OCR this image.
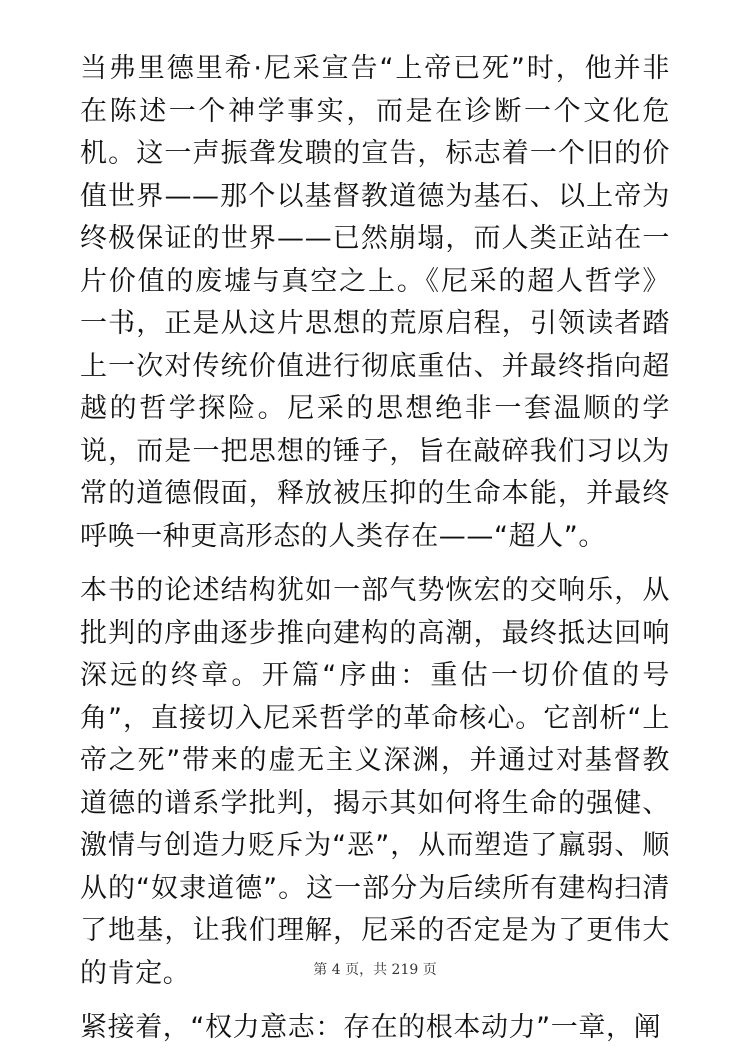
当弗里德里希·尼采宣告“上帝已死”时，他并非在陈述一个神学事实，而是在诊断一个文化危机。这一声振聋发聩的宣告，标志着一个旧的价值世界——那个以基督教道德为基石、以上帝为终极保证的世界——已然崩塌，而人类正站在一片价值的废墟与真空之上。《尼采的超人哲学》一书，正是从这片思想的荒原启程，引领读者踏上一次对传统价值进行彻底重估、并最终指向超越的哲学探险。尼采的思想绝非一套温顺的学说，而是一把思想的锤子，旨在敲碎我们习以为常的道德假面，释放被压抑的生命本能，并最终呼唤一种更高形态的人类存在——“超人”。

本书的论述结构犹如一部气势恢宏的交响乐，从批判的序曲逐步推向建构的高潮，最终抵达回响深远的终章。开篇“序曲：重估一切价值的号角”，直接切入尼采哲学的革命核心。它剖析“上帝之死”带来的虚无主义深渊，并通过对基督教道德的谱系学批判，揭示其如何将生命的强健、激情与创造力贬斥为“恶”，从而塑造了羸弱、顺从的“奴隶道德”。这一部分为后续所有建构扫清了地基，让我们理解，尼采的否定是为了更伟大的肯定。

紧接着，“权力意志：存在的根本动力”一章，阐

第 4 页，共 219 页
